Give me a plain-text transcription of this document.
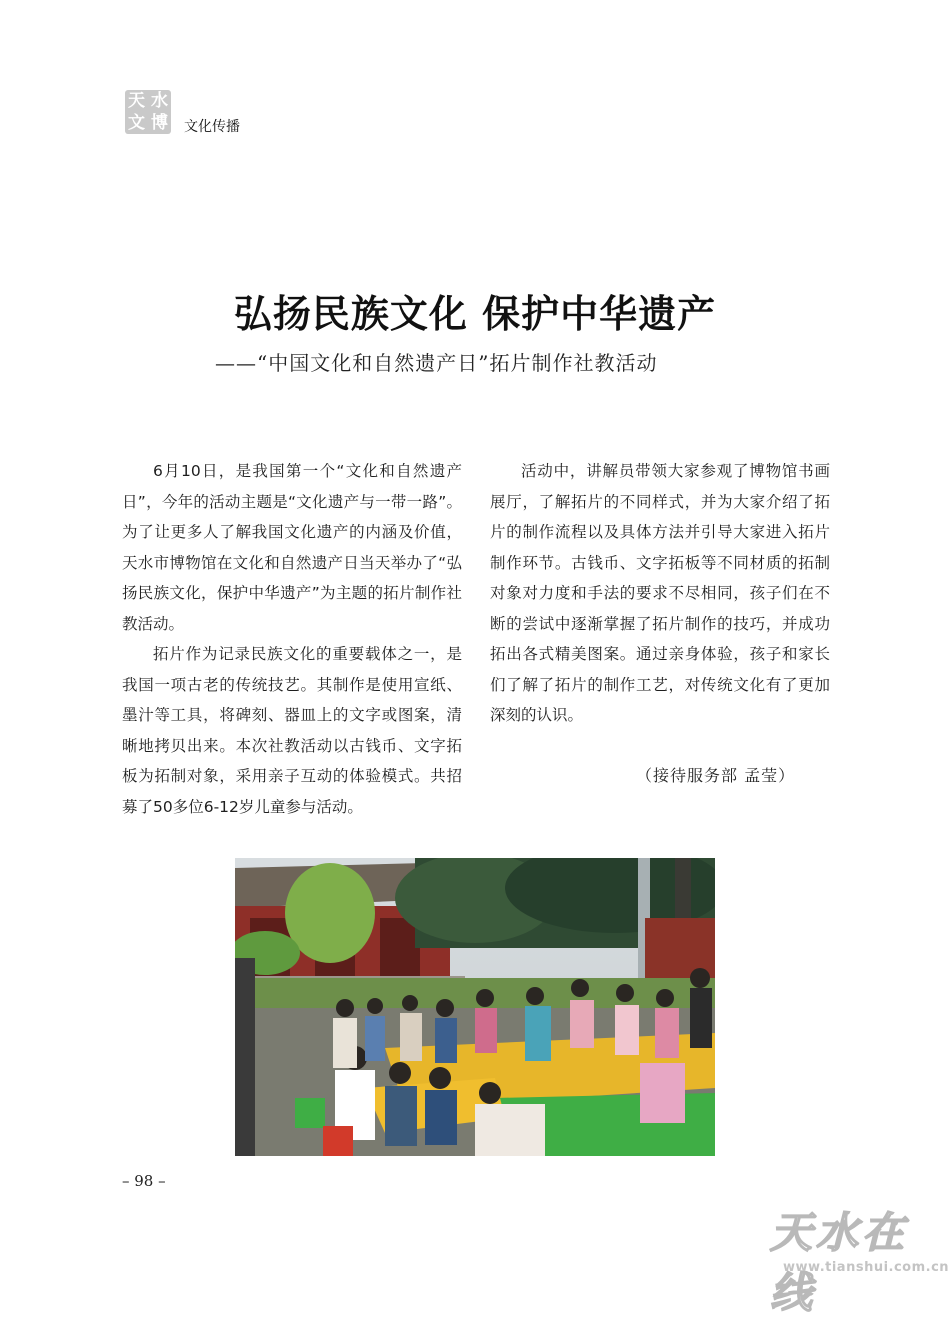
天 水
文 博 文化传播
弘扬民族文化 保护中华遗产
——“中国文化和自然遗产日”拓片制作社教活动

6月10日，是我国第一个“文化和自然遗产日”，今年的活动主题是“文化遗产与一带一路”。为了让更多人了解我国文化遗产的内涵及价值，天水市博物馆在文化和自然遗产日当天举办了“弘扬民族文化，保护中华遗产”为主题的拓片制作社教活动。

拓片作为记录民族文化的重要载体之一，是我国一项古老的传统技艺。其制作是使用宣纸、墨汁等工具，将碑刻、器皿上的文字或图案，清晰地拷贝出来。本次社教活动以古钱币、文字拓板为拓制对象，采用亲子互动的体验模式。共招募了50多位6-12岁儿童参与活动。

活动中，讲解员带领大家参观了博物馆书画展厅，了解拓片的不同样式，并为大家介绍了拓片的制作流程以及具体方法并引导大家进入拓片制作环节。古钱币、文字拓板等不同材质的拓制对象对力度和手法的要求不尽相同，孩子们在不断的尝试中逐渐掌握了拓片制作的技巧，并成功拓出各式精美图案。通过亲身体验，孩子和家长们了解了拓片的制作工艺，对传统文化有了更加深刻的认识。

（接待服务部 孟莹）
– 98 –
天水在线
www.tianshui.com.cn
